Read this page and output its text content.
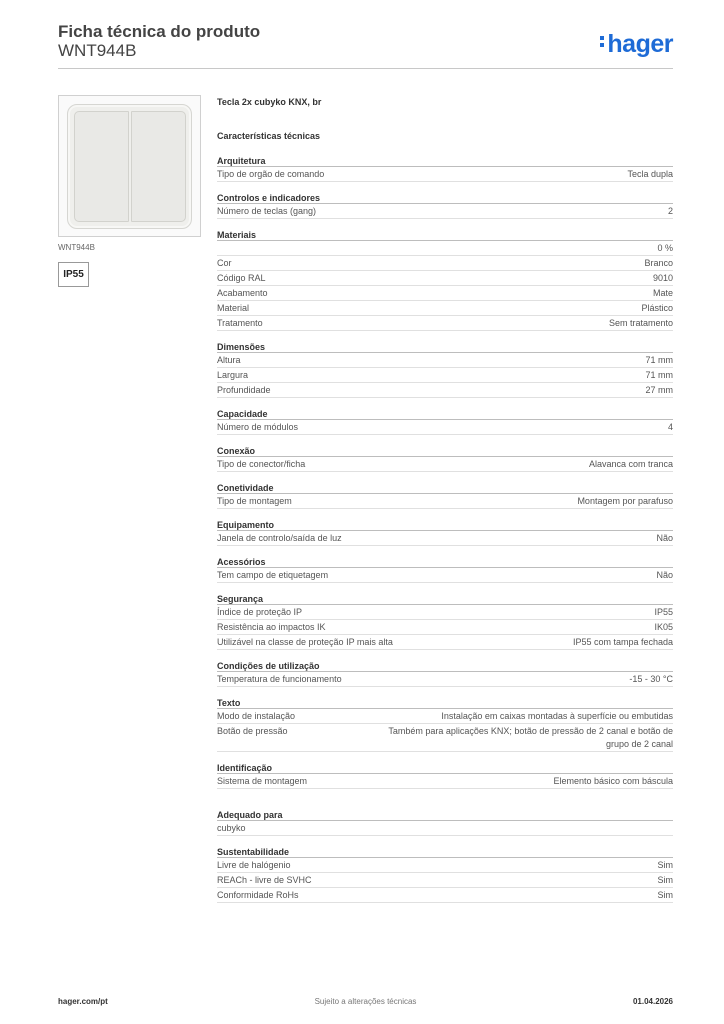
Ficha técnica do produto
WNT944B	hager
WNT944B
IP55
Tecla 2x cubyko KNX, br
Características técnicas
Arquitetura
Tipo de orgão de comando	Tecla dupla
Controlos e indicadores
Número de teclas (gang)	2
Materiais
0 %
Cor	Branco
Código RAL	9010
Acabamento	Mate
Material	Plástico
Tratamento	Sem tratamento
Dimensões
Altura	71 mm
Largura	71 mm
Profundidade	27 mm
Capacidade
Número de módulos	4
Conexão
Tipo de conector/ficha	Alavanca com tranca
Conetividade
Tipo de montagem	Montagem por parafuso
Equipamento
Janela de controlo/saída de luz	Não
Acessórios
Tem campo de etiquetagem	Não
Segurança
Índice de proteção IP	IP55
Resistência ao impactos IK	IK05
Utilizável na classe de proteção IP mais alta	IP55 com tampa fechada
Condições de utilização
Temperatura de funcionamento	-15 - 30 °C
Texto
Modo de instalação	Instalação em caixas montadas à superfície ou embutidas
Botão de pressão	Também para aplicações KNX; botão de pressão de 2 canal e botão de grupo de 2 canal
Identificação
Sistema de montagem	Elemento básico com báscula
Adequado para
cubyko
Sustentabilidade
Livre de halógenio	Sim
REACh - livre de SVHC	Sim
Conformidade RoHs	Sim
hager.com/pt	Sujeito a alterações técnicas	01.04.2026
